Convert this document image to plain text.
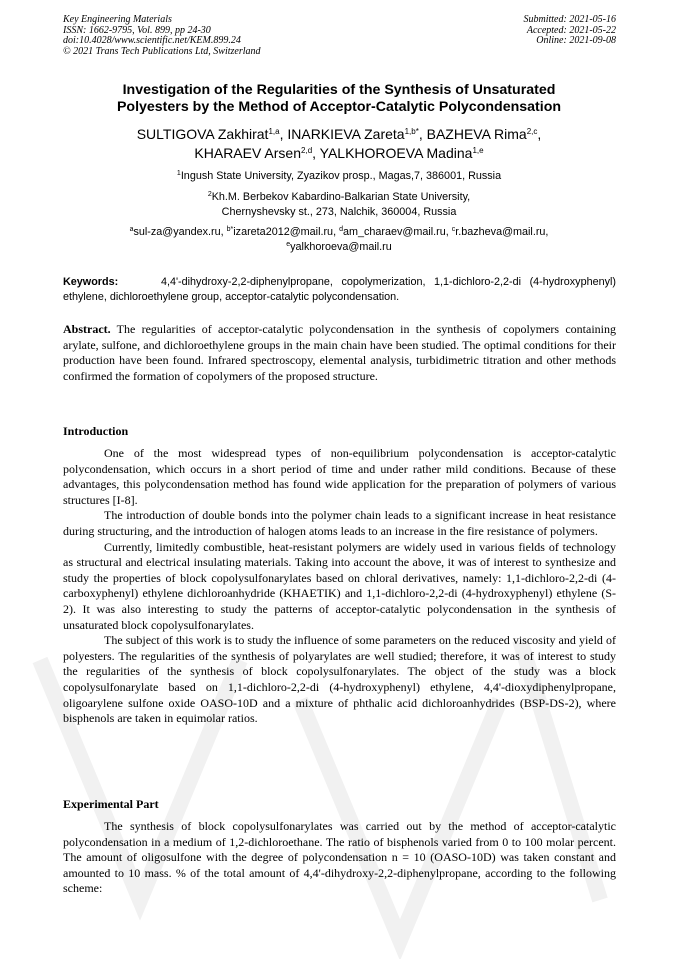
Key Engineering Materials
ISSN: 1662-9795, Vol. 899, pp 24-30
doi:10.4028/www.scientific.net/KEM.899.24
© 2021 Trans Tech Publications Ltd, Switzerland
Submitted: 2021-05-16
Accepted: 2021-05-22
Online: 2021-09-08
Investigation of the Regularities of the Synthesis of Unsaturated
Polyesters by the Method of Acceptor-Catalytic Polycondensation
SULTIGOVA Zakhirat$^{1,a}$, INARKIEVA Zareta$^{1,b*}$, BAZHEVA Rima$^{2,c}$,
KHARAEV Arsen$^{2,d}$, YALKHOROEVA Madina$^{1,e}$
$^1$Ingush State University, Zyazikov prosp., Magas,7, 386001, Russia
$^2$Kh.M. Berbekov Kabardino-Balkarian State University,
Chernyshevsky st., 273, Nalchik, 360004, Russia
$^a$sul-za@yandex.ru, $^{b*}$izareta2012@mail.ru, $^d$am_charaev@mail.ru, $^c$r.bazheva@mail.ru,
$^e$yalkhoroeva@mail.ru
Keywords:	4,4'-dihydroxy-2,2-diphenylpropane, copolymerization, 1,1-dichloro-2,2-di (4-hydroxyphenyl) ethylene, dichloroethylene group, acceptor-catalytic polycondensation.
Abstract. The regularities of acceptor-catalytic polycondensation in the synthesis of copolymers containing arylate, sulfone, and dichloroethylene groups in the main chain have been studied. The optimal conditions for their production have been found. Infrared spectroscopy, elemental analysis, turbidimetric titration and other methods confirmed the formation of copolymers of the proposed structure.
Introduction

One of the most widespread types of non-equilibrium polycondensation is acceptor-catalytic polycondensation, which occurs in a short period of time and under rather mild conditions. Because of these advantages, this polycondensation method has found wide application for the preparation of polymers of various structures [I-8].

The introduction of double bonds into the polymer chain leads to a significant increase in heat resistance during structuring, and the introduction of halogen atoms leads to an increase in the fire resistance of polymers.

Currently, limitedly combustible, heat-resistant polymers are widely used in various fields of technology as structural and electrical insulating materials. Taking into account the above, it was of interest to synthesize and study the properties of block copolysulfonarylates based on chloral derivatives, namely: 1,1-dichloro-2,2-di (4-carboxyphenyl) ethylene dichloroanhydride (KHAETIK) and 1,1-dichloro-2,2-di (4-hydroxyphenyl) ethylene (S-2). It was also interesting to study the patterns of acceptor-catalytic polycondensation in the synthesis of unsaturated block copolysulfonarylates.

The subject of this work is to study the influence of some parameters on the reduced viscosity and yield of polyesters. The regularities of the synthesis of polyarylates are well studied; therefore, it was of interest to study the regularities of the synthesis of block copolysulfonarylates. The object of the study was a block copolysulfonarylate based on 1,1-dichloro-2,2-di (4-hydroxyphenyl) ethylene, 4,4'-dioxydiphenylpropane, oligoarylene sulfone oxide OASO-10D and a mixture of phthalic acid dichloroanhydrides (BSP-DS-2), where bisphenols are taken in equimolar ratios.

Experimental Part

The synthesis of block copolysulfonarylates was carried out by the method of acceptor-catalytic polycondensation in a medium of 1,2-dichloroethane. The ratio of bisphenols varied from 0 to 100 molar percent. The amount of oligosulfone with the degree of polycondensation n = 10 (OASO-10D) was taken constant and amounted to 10 mass. % of the total amount of 4,4'-dihydroxy-2,2-diphenylpropane, according to the following scheme:
